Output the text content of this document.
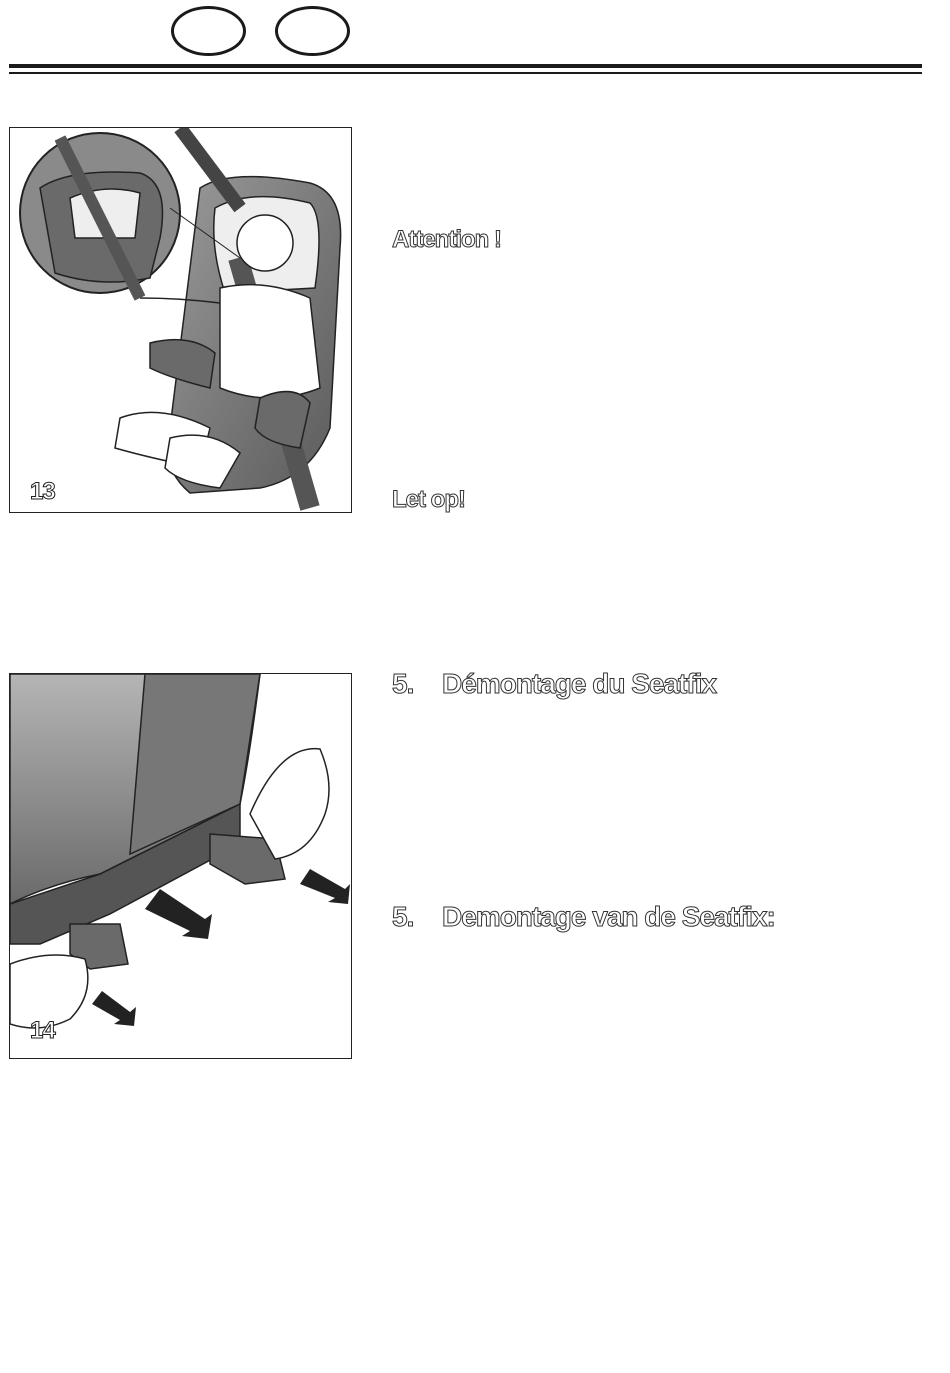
13
14
Attention !
Let op!
5. Démontage du Seatfix
5. Demontage van de Seatfix:
